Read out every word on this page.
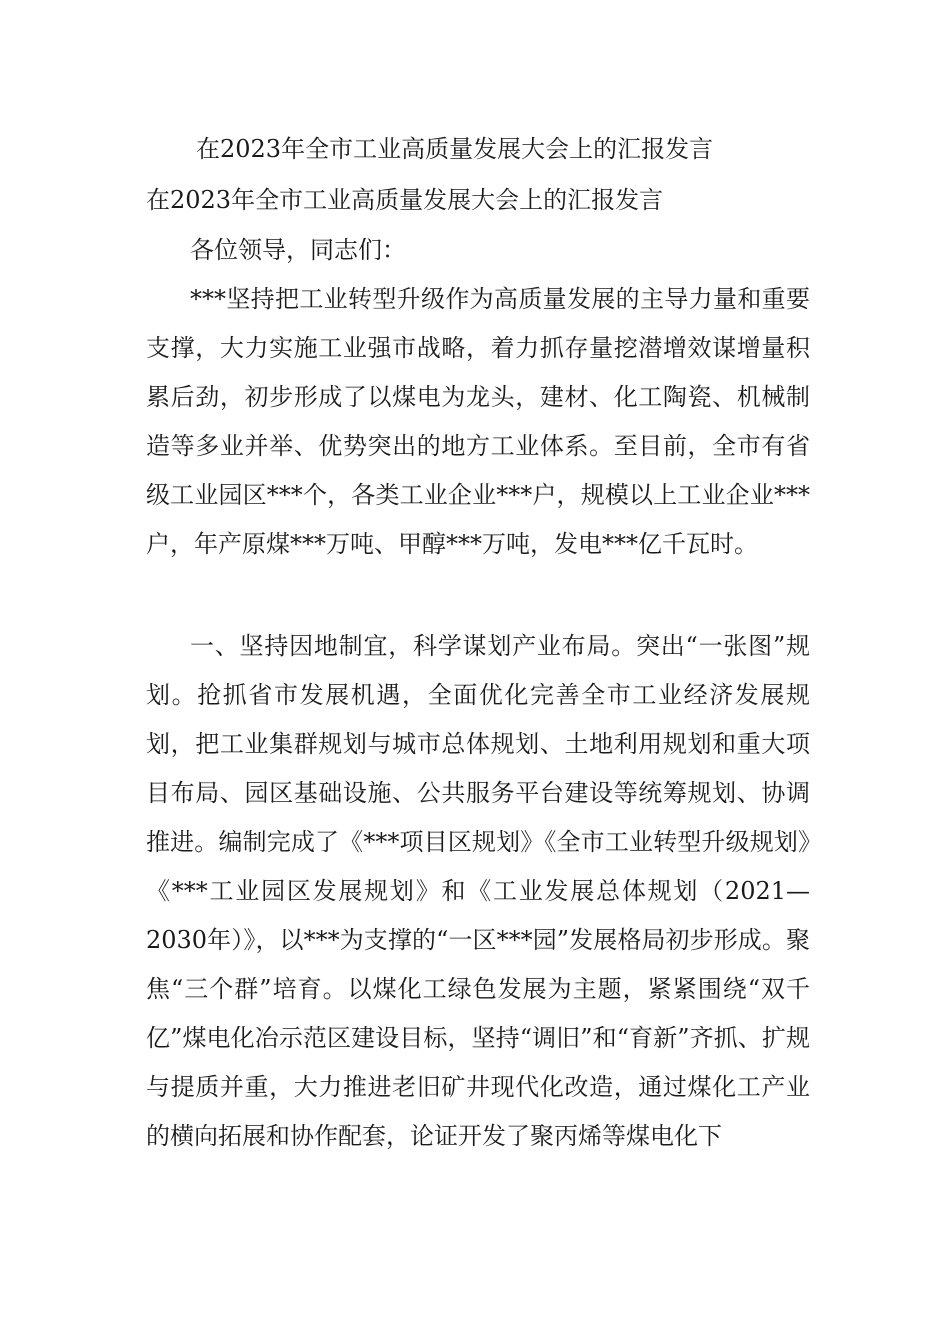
在2023年全市工业高质量发展大会上的汇报发言
在2023年全市工业高质量发展大会上的汇报发言

各位领导，同志们：

***坚持把工业转型升级作为高质量发展的主导力量和重要支撑，大力实施工业强市战略，着力抓存量挖潜增效谋增量积累后劲，初步形成了以煤电为龙头，建材、化工陶瓷、机械制造等多业并举、优势突出的地方工业体系。至目前，全市有省级工业园区***个，各类工业企业***户，规模以上工业企业***户，年产原煤***万吨、甲醇***万吨，发电***亿千瓦时。

一、坚持因地制宜，科学谋划产业布局。突出“一张图”规划。抢抓省市发展机遇，全面优化完善全市工业经济发展规划，把工业集群规划与城市总体规划、土地利用规划和重大项目布局、园区基础设施、公共服务平台建设等统筹规划、协调推进。编制完成了《***项目区规划》《全市工业转型升级规划》《***工业园区发展规划》和《工业发展总体规划（2021—2030年）》，以***为支撑的“一区***园”发展格局初步形成。聚焦“三个群”培育。以煤化工绿色发展为主题，紧紧围绕“双千亿”煤电化冶示范区建设目标，坚持“调旧”和“育新”齐抓、扩规与提质并重，大力推进老旧矿井现代化改造，通过煤化工产业的横向拓展和协作配套，论证开发了聚丙烯等煤电化下
